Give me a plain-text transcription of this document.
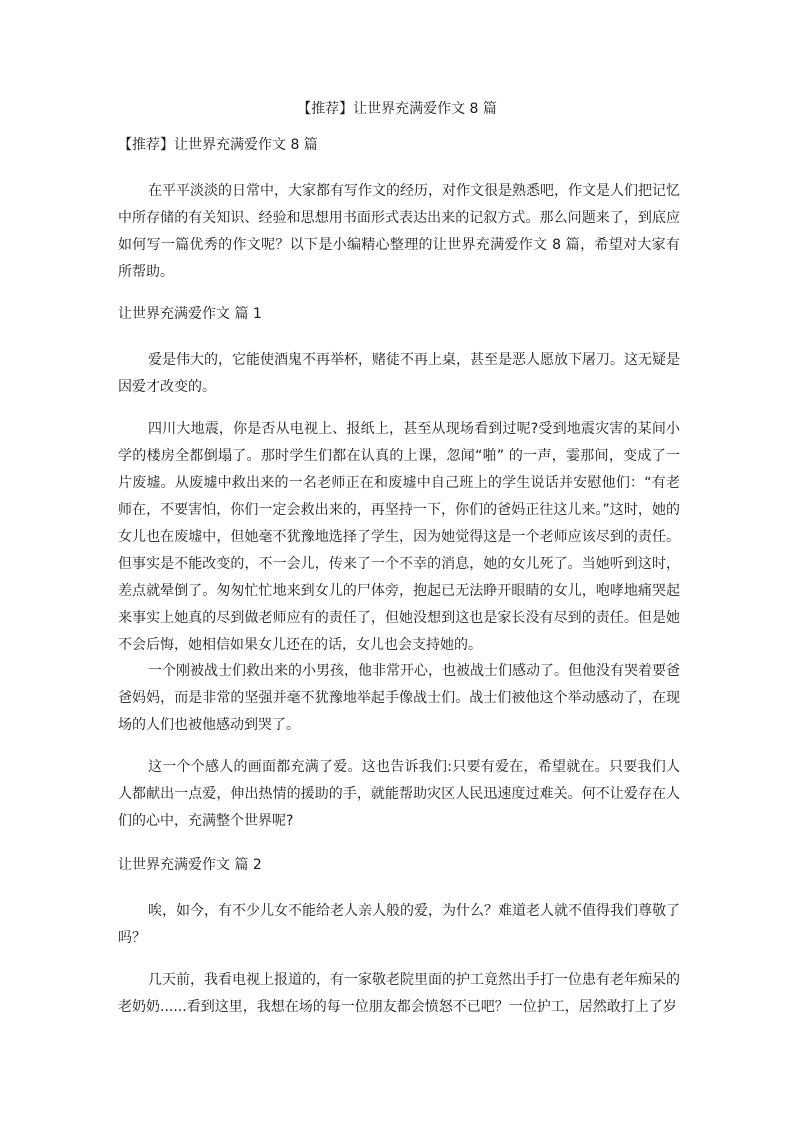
【推荐】让世界充满爱作文 8 篇
【推荐】让世界充满爱作文 8 篇

在平平淡淡的日常中，大家都有写作文的经历，对作文很是熟悉吧，作文是人们把记忆中所存储的有关知识、经验和思想用书面形式表达出来的记叙方式。那么问题来了，到底应如何写一篇优秀的作文呢？以下是小编精心整理的让世界充满爱作文 8 篇，希望对大家有所帮助。

让世界充满爱作文 篇 1

爱是伟大的，它能使酒鬼不再举杯，赌徒不再上桌，甚至是恶人愿放下屠刀。这无疑是因爱才改变的。

四川大地震，你是否从电视上、报纸上，甚至从现场看到过呢?受到地震灾害的某间小学的楼房全都倒塌了。那时学生们都在认真的上课，忽闻“啪” 的一声，霎那间，变成了一片废墟。从废墟中救出来的一名老师正在和废墟中自己班上的学生说话并安慰他们：“有老师在，不要害怕，你们一定会救出来的，再坚持一下，你们的爸妈正往这儿来。”这时，她的女儿也在废墟中，但她毫不犹豫地选择了学生，因为她觉得这是一个老师应该尽到的责任。但事实是不能改变的，不一会儿，传来了一个不幸的消息，她的女儿死了。当她听到这时，差点就晕倒了。匆匆忙忙地来到女儿的尸体旁，抱起已无法睁开眼睛的女儿，咆哮地痛哭起来事实上她真的尽到做老师应有的责任了，但她没想到这也是家长没有尽到的责任。但是她不会后悔，她相信如果女儿还在的话，女儿也会支持她的。

一个刚被战士们救出来的小男孩，他非常开心，也被战士们感动了。但他没有哭着要爸爸妈妈，而是非常的坚强并毫不犹豫地举起手像战士们。战士们被他这个举动感动了，在现场的人们也被他感动到哭了。

这一个个感人的画面都充满了爱。这也告诉我们:只要有爱在，希望就在。只要我们人人都献出一点爱，伸出热情的援助的手，就能帮助灾区人民迅速度过难关。何不让爱存在人们的心中，充满整个世界呢?

让世界充满爱作文 篇 2

唉，如今，有不少儿女不能给老人亲人般的爱，为什么？难道老人就不值得我们尊敬了吗？

几天前，我看电视上报道的，有一家敬老院里面的护工竟然出手打一位患有老年痴呆的老奶奶......看到这里，我想在场的每一位朋友都会愤怒不已吧？一位护工，居然敢打上了岁
